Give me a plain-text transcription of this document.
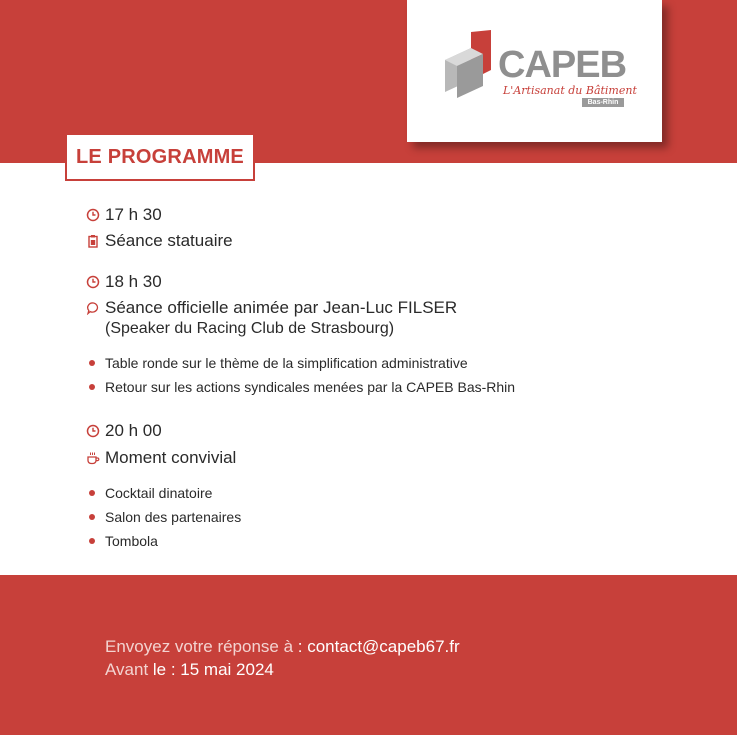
CAPEB
L'Artisanat du Bâtiment
Bas-Rhin
LE PROGRAMME
17 h 30
Séance statuaire
18 h 30
Séance officielle animée par Jean-Luc FILSER
(Speaker du Racing Club de Strasbourg)
Table ronde sur le thème de la simplification administrative
Retour sur les actions syndicales menées par la CAPEB Bas-Rhin
20 h 00
Moment convivial
Cocktail dinatoire
Salon des partenaires
Tombola
Envoyez votre réponse à : contact@capeb67.fr
Avant le : 15 mai 2024
